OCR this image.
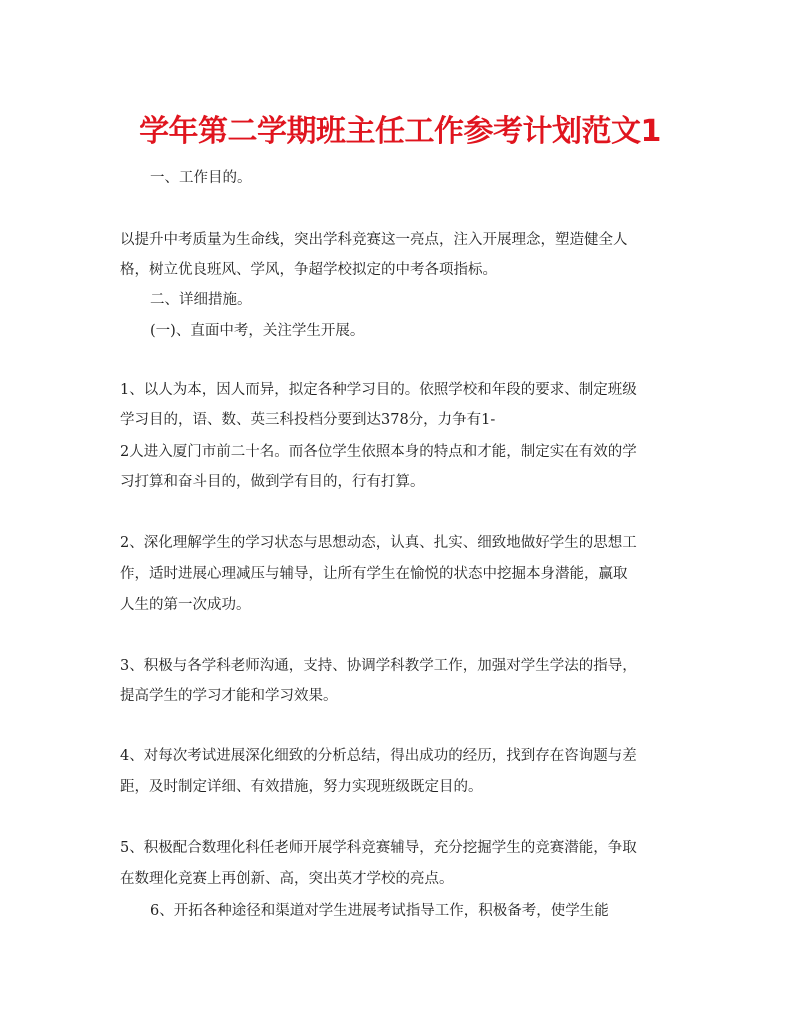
学年第二学期班主任工作参考计划范文1
一、工作目的。
以提升中考质量为生命线，突出学科竞赛这一亮点，注入开展理念，塑造健全人
格，树立优良班风、学风，争超学校拟定的中考各项指标。
二、详细措施。
(一)、直面中考，关注学生开展。
1、以人为本，因人而异，拟定各种学习目的。依照学校和年段的要求、制定班级
学习目的，语、数、英三科投档分要到达378分，力争有1-
2人进入厦门市前二十名。而各位学生依照本身的特点和才能，制定实在有效的学
习打算和奋斗目的，做到学有目的，行有打算。
2、深化理解学生的学习状态与思想动态，认真、扎实、细致地做好学生的思想工
作，适时进展心理减压与辅导，让所有学生在愉悦的状态中挖掘本身潜能，赢取
人生的第一次成功。
3、积极与各学科老师沟通，支持、协调学科教学工作，加强对学生学法的指导，
提高学生的学习才能和学习效果。
4、对每次考试进展深化细致的分析总结，得出成功的经历，找到存在咨询题与差
距，及时制定详细、有效措施，努力实现班级既定目的。
5、积极配合数理化科任老师开展学科竞赛辅导，充分挖掘学生的竞赛潜能，争取
在数理化竞赛上再创新、高，突出英才学校的亮点。
6、开拓各种途径和渠道对学生进展考试指导工作，积极备考，使学生能
